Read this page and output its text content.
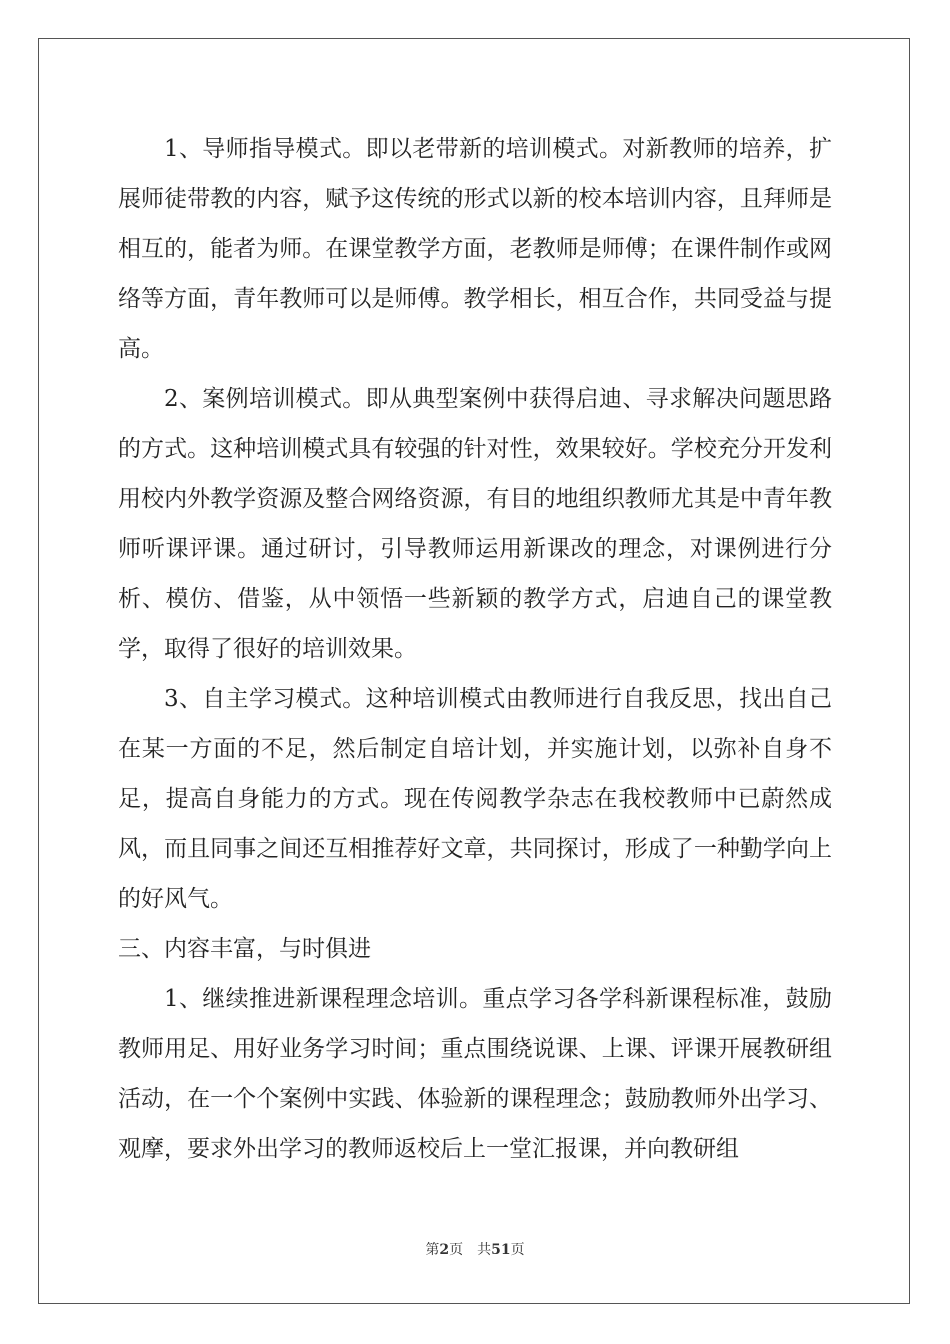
1、导师指导模式。即以老带新的培训模式。对新教师的培养，扩展师徒带教的内容，赋予这传统的形式以新的校本培训内容，且拜师是相互的，能者为师。在课堂教学方面，老教师是师傅；在课件制作或网络等方面，青年教师可以是师傅。教学相长，相互合作，共同受益与提高。

2、案例培训模式。即从典型案例中获得启迪、寻求解决问题思路的方式。这种培训模式具有较强的针对性，效果较好。学校充分开发利用校内外教学资源及整合网络资源，有目的地组织教师尤其是中青年教师听课评课。通过研讨，引导教师运用新课改的理念，对课例进行分析、模仿、借鉴，从中领悟一些新颖的教学方式，启迪自己的课堂教学，取得了很好的培训效果。

3、自主学习模式。这种培训模式由教师进行自我反思，找出自己在某一方面的不足，然后制定自培计划，并实施计划，以弥补自身不足，提高自身能力的方式。现在传阅教学杂志在我校教师中已蔚然成风，而且同事之间还互相推荐好文章，共同探讨，形成了一种勤学向上的好风气。

三、内容丰富，与时俱进

1、继续推进新课程理念培训。重点学习各学科新课程标准，鼓励教师用足、用好业务学习时间；重点围绕说课、上课、评课开展教研组活动，在一个个案例中实践、体验新的课程理念；鼓励教师外出学习、观摩，要求外出学习的教师返校后上一堂汇报课，并向教研组

第2页 共51页
